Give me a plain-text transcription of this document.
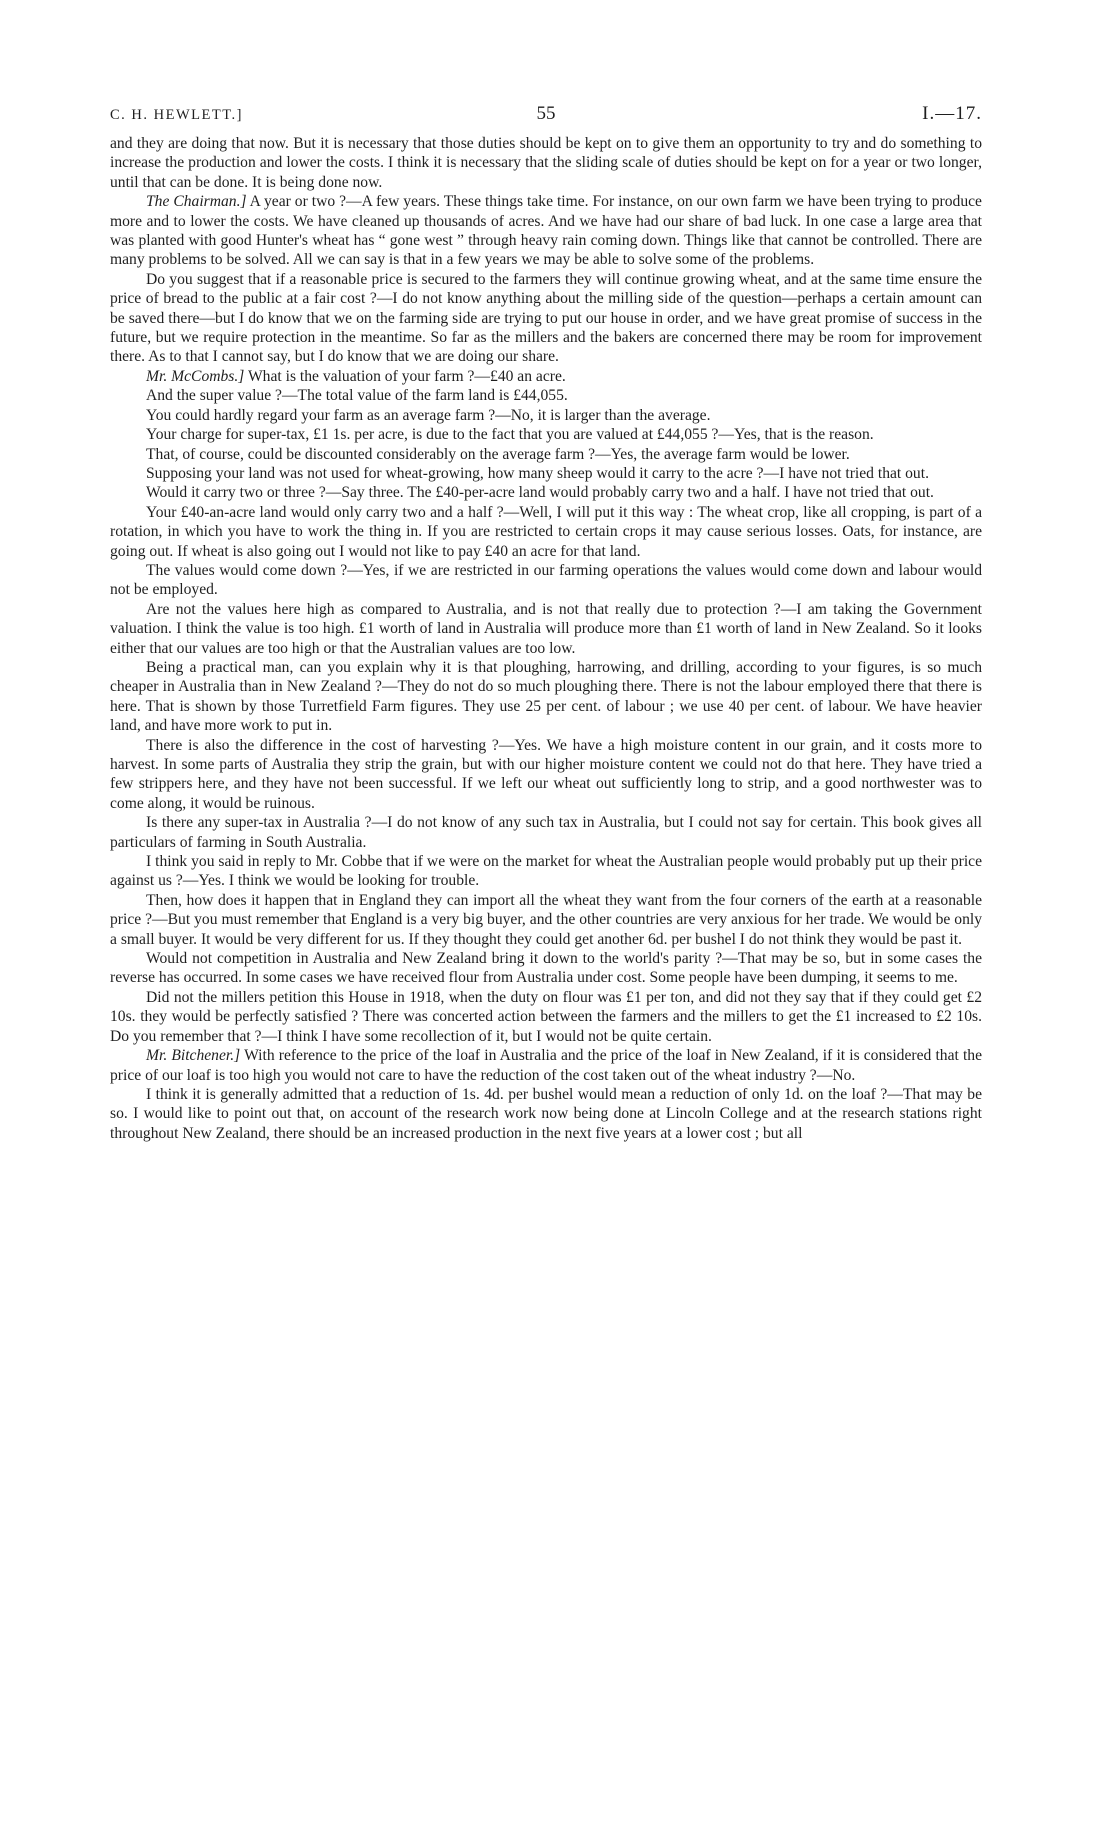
C. H. HEWLETT.]	55	I.—17.

and they are doing that now. But it is necessary that those duties should be kept on to give them an opportunity to try and do something to increase the production and lower the costs. I think it is necessary that the sliding scale of duties should be kept on for a year or two longer, until that can be done. It is being done now.

The Chairman.] A year or two ?—A few years. These things take time. For instance, on our own farm we have been trying to produce more and to lower the costs. We have cleaned up thousands of acres. And we have had our share of bad luck. In one case a large area that was planted with good Hunter's wheat has “ gone west ” through heavy rain coming down. Things like that cannot be controlled. There are many problems to be solved. All we can say is that in a few years we may be able to solve some of the problems.

Do you suggest that if a reasonable price is secured to the farmers they will continue growing wheat, and at the same time ensure the price of bread to the public at a fair cost ?—I do not know anything about the milling side of the question—perhaps a certain amount can be saved there—but I do know that we on the farming side are trying to put our house in order, and we have great promise of success in the future, but we require protection in the meantime. So far as the millers and the bakers are concerned there may be room for improvement there. As to that I cannot say, but I do know that we are doing our share.

Mr. McCombs.] What is the valuation of your farm ?—£40 an acre.

And the super value ?—The total value of the farm land is £44,055.

You could hardly regard your farm as an average farm ?—No, it is larger than the average.

Your charge for super-tax, £1 1s. per acre, is due to the fact that you are valued at £44,055 ?—Yes, that is the reason.

That, of course, could be discounted considerably on the average farm ?—Yes, the average farm would be lower.

Supposing your land was not used for wheat-growing, how many sheep would it carry to the acre ?—I have not tried that out.

Would it carry two or three ?—Say three. The £40-per-acre land would probably carry two and a half. I have not tried that out.

Your £40-an-acre land would only carry two and a half ?—Well, I will put it this way : The wheat crop, like all cropping, is part of a rotation, in which you have to work the thing in. If you are restricted to certain crops it may cause serious losses. Oats, for instance, are going out. If wheat is also going out I would not like to pay £40 an acre for that land.

The values would come down ?—Yes, if we are restricted in our farming operations the values would come down and labour would not be employed.

Are not the values here high as compared to Australia, and is not that really due to protection ?—I am taking the Government valuation. I think the value is too high. £1 worth of land in Australia will produce more than £1 worth of land in New Zealand. So it looks either that our values are too high or that the Australian values are too low.

Being a practical man, can you explain why it is that ploughing, harrowing, and drilling, according to your figures, is so much cheaper in Australia than in New Zealand ?—They do not do so much ploughing there. There is not the labour employed there that there is here. That is shown by those Turretfield Farm figures. They use 25 per cent. of labour ; we use 40 per cent. of labour. We have heavier land, and have more work to put in.

There is also the difference in the cost of harvesting ?—Yes. We have a high moisture content in our grain, and it costs more to harvest. In some parts of Australia they strip the grain, but with our higher moisture content we could not do that here. They have tried a few strippers here, and they have not been successful. If we left our wheat out sufficiently long to strip, and a good northwester was to come along, it would be ruinous.

Is there any super-tax in Australia ?—I do not know of any such tax in Australia, but I could not say for certain. This book gives all particulars of farming in South Australia.

I think you said in reply to Mr. Cobbe that if we were on the market for wheat the Australian people would probably put up their price against us ?—Yes. I think we would be looking for trouble.

Then, how does it happen that in England they can import all the wheat they want from the four corners of the earth at a reasonable price ?—But you must remember that England is a very big buyer, and the other countries are very anxious for her trade. We would be only a small buyer. It would be very different for us. If they thought they could get another 6d. per bushel I do not think they would be past it.

Would not competition in Australia and New Zealand bring it down to the world's parity ?—That may be so, but in some cases the reverse has occurred. In some cases we have received flour from Australia under cost. Some people have been dumping, it seems to me.

Did not the millers petition this House in 1918, when the duty on flour was £1 per ton, and did not they say that if they could get £2 10s. they would be perfectly satisfied ? There was concerted action between the farmers and the millers to get the £1 increased to £2 10s. Do you remember that ?—I think I have some recollection of it, but I would not be quite certain.

Mr. Bitchener.] With reference to the price of the loaf in Australia and the price of the loaf in New Zealand, if it is considered that the price of our loaf is too high you would not care to have the reduction of the cost taken out of the wheat industry ?—No.

I think it is generally admitted that a reduction of 1s. 4d. per bushel would mean a reduction of only 1d. on the loaf ?—That may be so. I would like to point out that, on account of the research work now being done at Lincoln College and at the research stations right throughout New Zealand, there should be an increased production in the next five years at a lower cost ; but all
